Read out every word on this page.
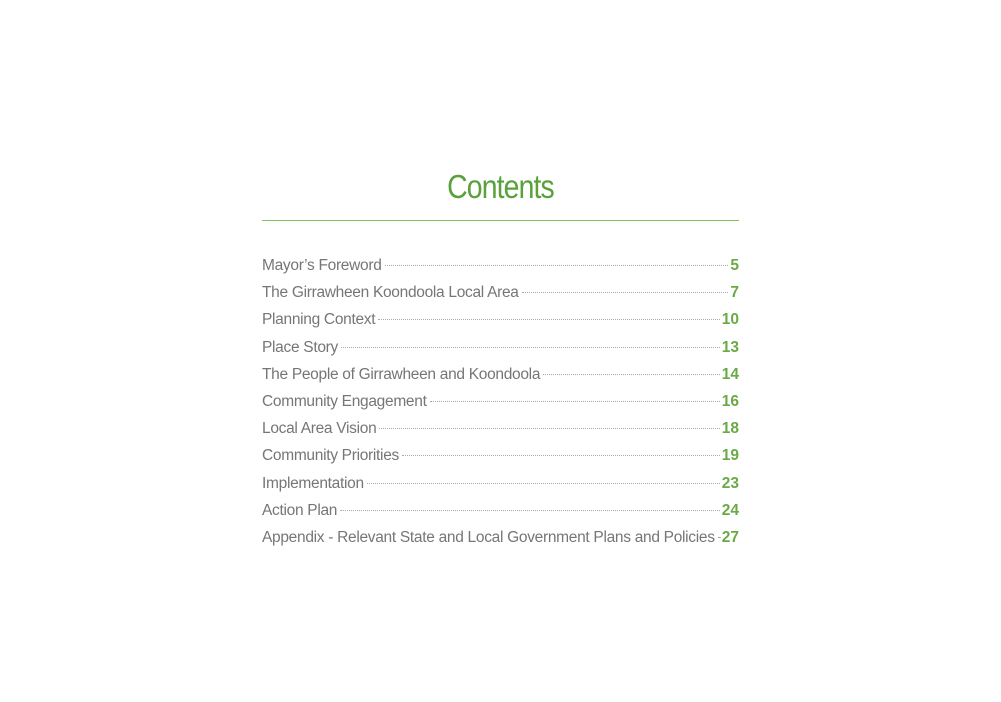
Contents
Mayor’s Foreword	5
The Girrawheen Koondoola Local Area	7
Planning Context	10
Place Story	13
The People of Girrawheen and Koondoola	14
Community Engagement	16
Local Area Vision	18
Community Priorities	19
Implementation	23
Action Plan	24
Appendix - Relevant State and Local Government Plans and Policies 27
